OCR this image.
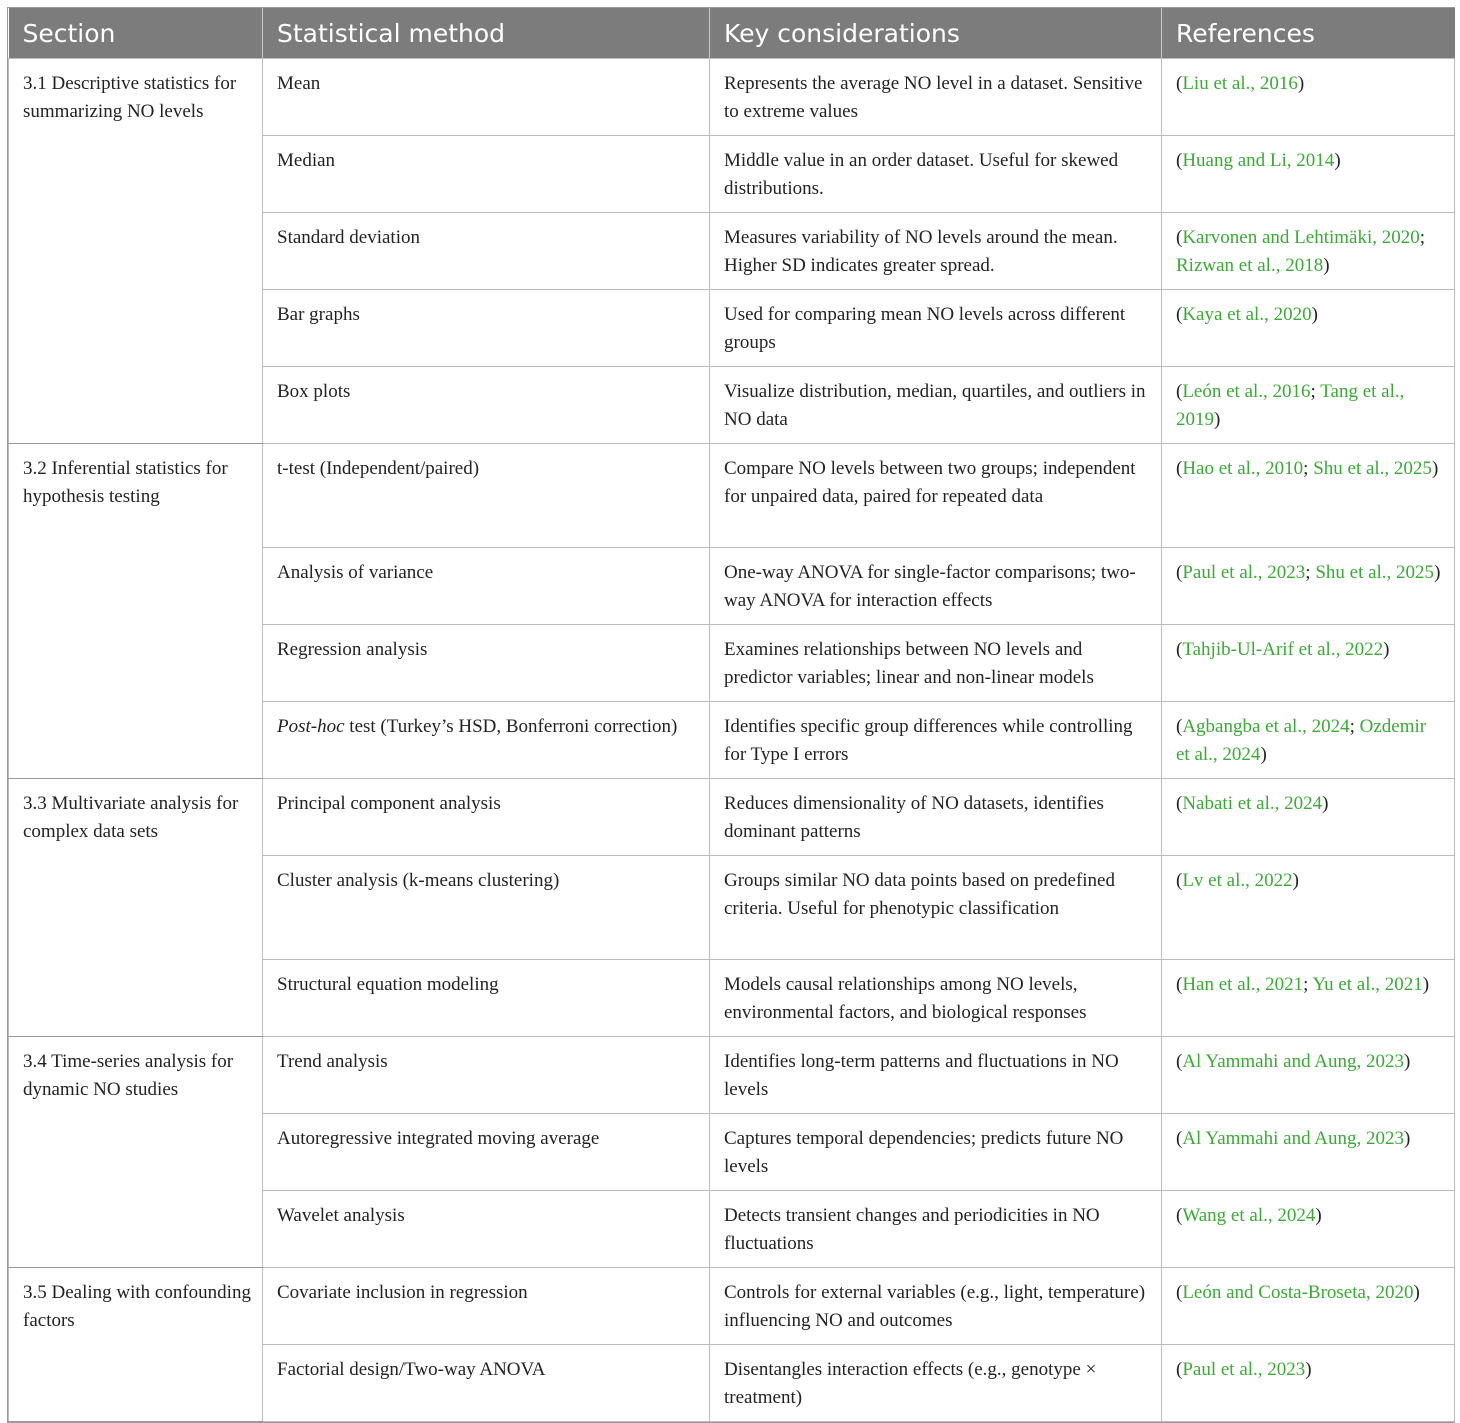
Section	Statistical method	Key considerations	References
3.1 Descriptive statistics for summarizing NO levels	Mean	Represents the average NO level in a dataset. Sensitive to extreme values	(Liu et al., 2016)
	Median	Middle value in an order dataset. Useful for skewed distributions.	(Huang and Li, 2014)
	Standard deviation	Measures variability of NO levels around the mean. Higher SD indicates greater spread.	(Karvonen and Lehtimäki, 2020; Rizwan et al., 2018)
	Bar graphs	Used for comparing mean NO levels across different groups	(Kaya et al., 2020)
	Box plots	Visualize distribution, median, quartiles, and outliers in NO data	(León et al., 2016; Tang et al., 2019)
3.2 Inferential statistics for hypothesis testing	t-test (Independent/paired)	Compare NO levels between two groups; independent for unpaired data, paired for repeated data	(Hao et al., 2010; Shu et al., 2025)
	Analysis of variance	One-way ANOVA for single-factor comparisons; two-way ANOVA for interaction effects	(Paul et al., 2023; Shu et al., 2025)
	Regression analysis	Examines relationships between NO levels and predictor variables; linear and non-linear models	(Tahjib-Ul-Arif et al., 2022)
	Post-hoc test (Turkey’s HSD, Bonferroni correction)	Identifies specific group differences while controlling for Type I errors	(Agbangba et al., 2024; Ozdemir et al., 2024)
3.3 Multivariate analysis for complex data sets	Principal component analysis	Reduces dimensionality of NO datasets, identifies dominant patterns	(Nabati et al., 2024)
	Cluster analysis (k-means clustering)	Groups similar NO data points based on predefined criteria. Useful for phenotypic classification	(Lv et al., 2022)
	Structural equation modeling	Models causal relationships among NO levels, environmental factors, and biological responses	(Han et al., 2021; Yu et al., 2021)
3.4 Time-series analysis for dynamic NO studies	Trend analysis	Identifies long-term patterns and fluctuations in NO levels	(Al Yammahi and Aung, 2023)
	Autoregressive integrated moving average	Captures temporal dependencies; predicts future NO levels	(Al Yammahi and Aung, 2023)
	Wavelet analysis	Detects transient changes and periodicities in NO fluctuations	(Wang et al., 2024)
3.5 Dealing with confounding factors	Covariate inclusion in regression	Controls for external variables (e.g., light, temperature) influencing NO and outcomes	(León and Costa-Broseta, 2020)
	Factorial design/Two-way ANOVA	Disentangles interaction effects (e.g., genotype × treatment)	(Paul et al., 2023)
